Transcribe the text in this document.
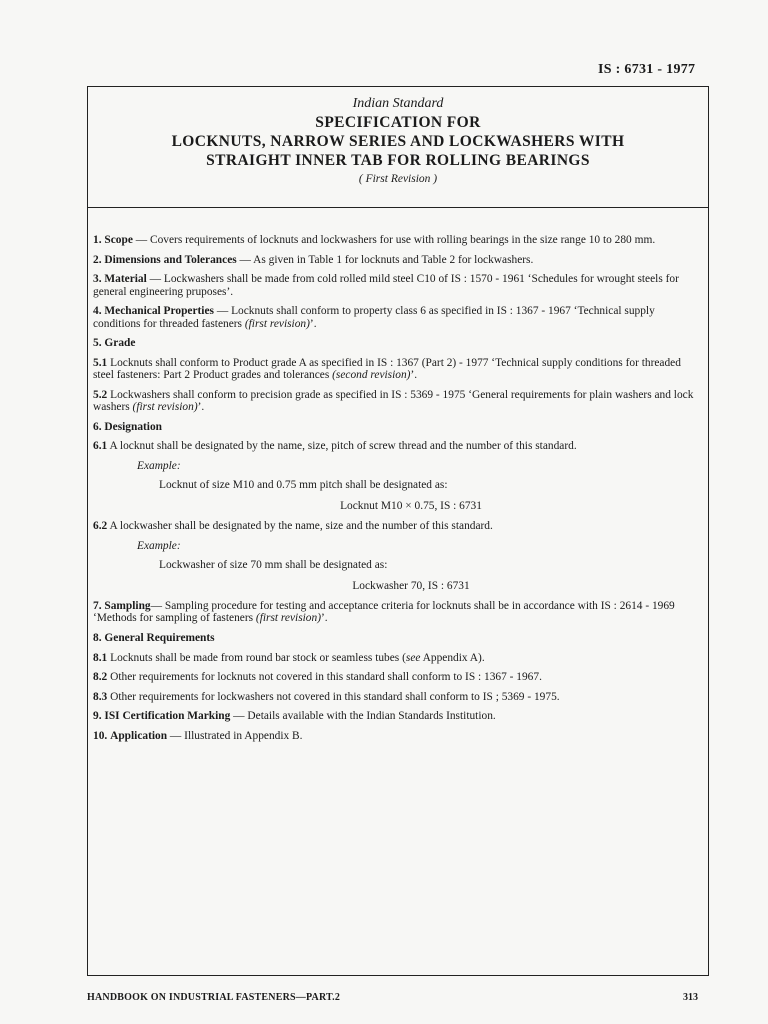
IS : 6731 - 1977
Indian Standard
SPECIFICATION FOR
LOCKNUTS, NARROW SERIES AND LOCKWASHERS WITH
STRAIGHT INNER TAB FOR ROLLING BEARINGS
( First Revision )
1. Scope — Covers requirements of locknuts and lockwashers for use with rolling bearings in the size range 10 to 280 mm.
2. Dimensions and Tolerances — As given in Table 1 for locknuts and Table 2 for lockwashers.
3. Material — Lockwashers shall be made from cold rolled mild steel C10 of IS : 1570 - 1961 ‘Schedules for wrought steels for general engineering pruposes’.
4. Mechanical Properties — Locknuts shall conform to property class 6 as specified in IS : 1367 - 1967 ‘Technical supply conditions for threaded fasteners (first revision)’.
5. Grade
5.1 Locknuts shall conform to Product grade A as specified in IS : 1367 (Part 2) - 1977 ‘Technical supply conditions for threaded steel fasteners: Part 2 Product grades and tolerances (second revision)’.
5.2 Lockwashers shall conform to precision grade as specified in IS : 5369 - 1975 ‘General requirements for plain washers and lock washers (first revision)’.
6. Designation
6.1 A locknut shall be designated by the name, size, pitch of screw thread and the number of this standard.
Example:
Locknut of size M10 and 0.75 mm pitch shall be designated as:
Locknut M10 × 0.75, IS : 6731
6.2 A lockwasher shall be designated by the name, size and the number of this standard.
Example:
Lockwasher of size 70 mm shall be designated as:
Lockwasher 70, IS : 6731
7. Sampling— Sampling procedure for testing and acceptance criteria for locknuts shall be in accordance with IS : 2614 - 1969 ‘Methods for sampling of fasteners (first revision)’.
8. General Requirements
8.1 Locknuts shall be made from round bar stock or seamless tubes (see Appendix A).
8.2 Other requirements for locknuts not covered in this standard shall conform to IS : 1367 - 1967.
8.3 Other requirements for lockwashers not covered in this standard shall conform to IS ; 5369 - 1975.
9. ISI Certification Marking — Details available with the Indian Standards Institution.
10. Application — Illustrated in Appendix B.
HANDBOOK ON INDUSTRIAL FASTENERS—PART.2	313
